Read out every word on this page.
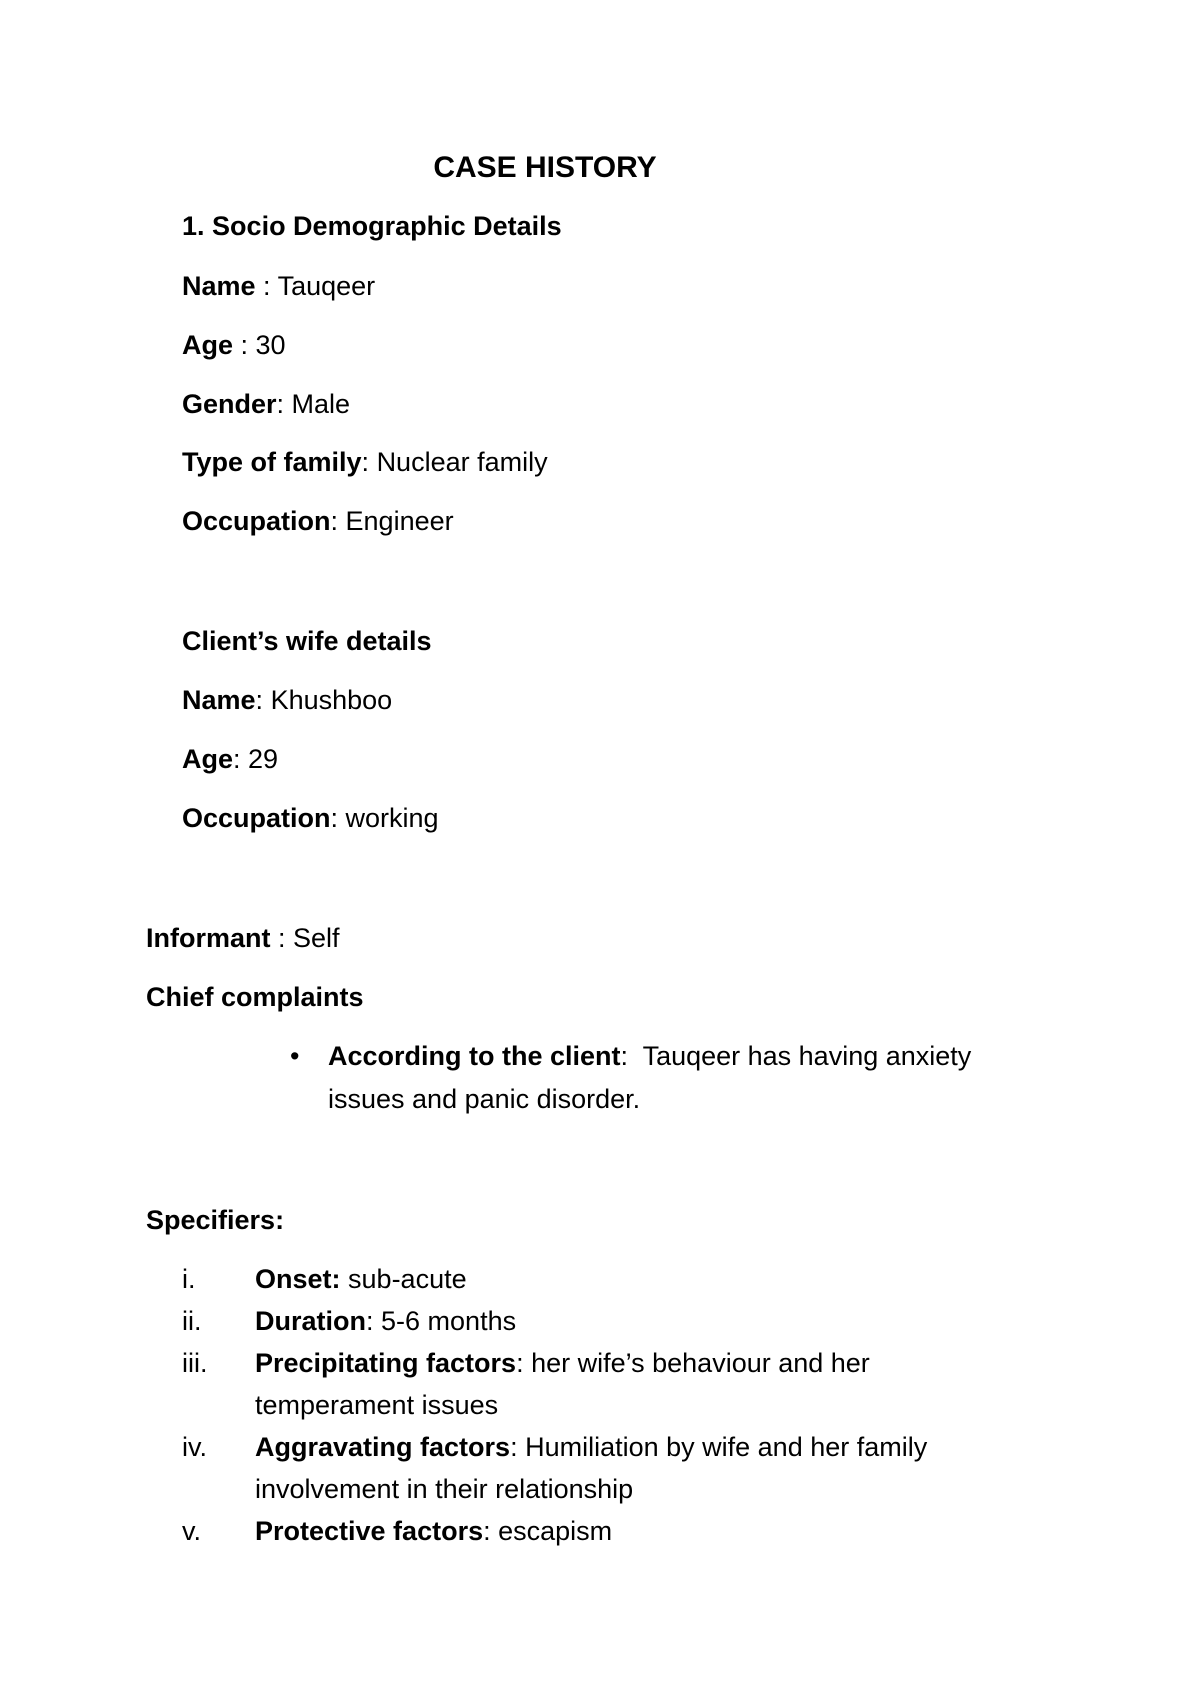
CASE HISTORY
1. Socio Demographic Details
Name : Tauqeer
Age : 30
Gender: Male
Type of family: Nuclear family
Occupation: Engineer
Client’s wife details
Name: Khushboo
Age: 29
Occupation: working
Informant : Self
Chief complaints
• According to the client:  Tauqeer has having anxiety
issues and panic disorder.
Specifiers:
i. Onset: sub-acute
ii. Duration: 5-6 months
iii. Precipitating factors: her wife’s behaviour and her
temperament issues
iv. Aggravating factors: Humiliation by wife and her family
involvement in their relationship
v. Protective factors: escapism
